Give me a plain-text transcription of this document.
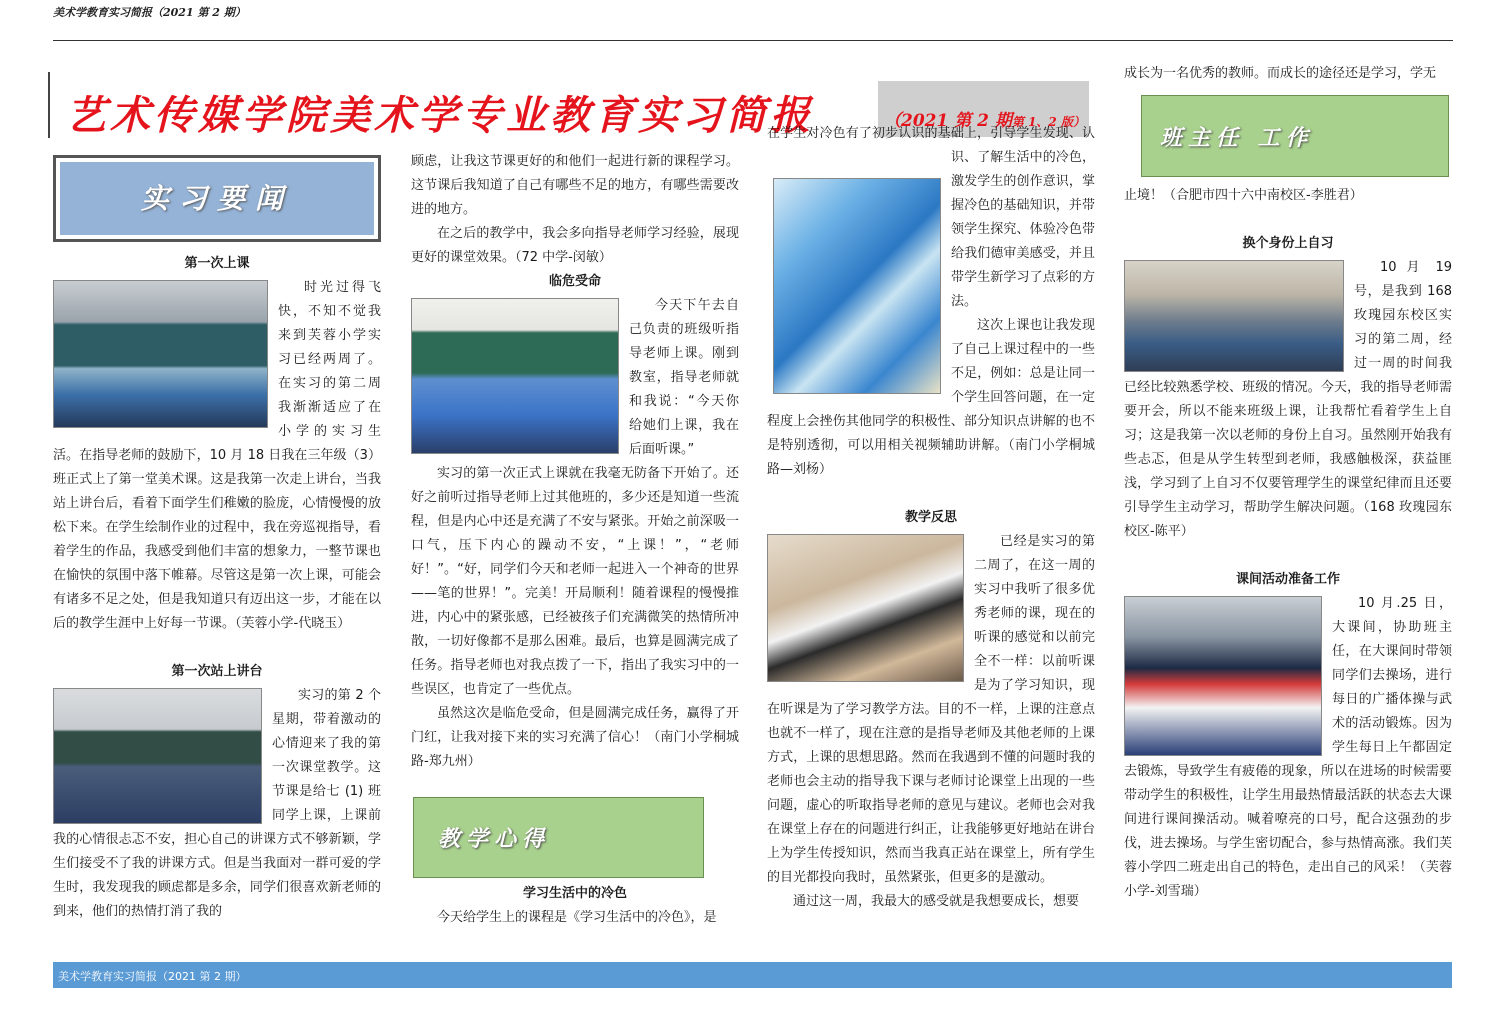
美术学教育实习简报（2021 第 2 期）
艺术传媒学院美术学专业教育实习简报	（2021 第 2 期第 1、2 版）
实习要闻
第一次上课

时光过得飞快，不知不觉我来到芙蓉小学实习已经两周了。在实习的第二周我渐渐适应了在小学的实习生活。在指导老师的鼓励下，10 月 18 日我在三年级（3）班正式上了第一堂美术课。这是我第一次走上讲台，当我站上讲台后，看着下面学生们稚嫩的脸庞，心情慢慢的放松下来。在学生绘制作业的过程中，我在旁巡视指导，看着学生的作品，我感受到他们丰富的想象力，一整节课也在愉快的氛围中落下帷幕。尽管这是第一次上课，可能会有诸多不足之处，但是我知道只有迈出这一步，才能在以后的教学生涯中上好每一节课。（芙蓉小学-代晓玉）

第一次站上讲台

实习的第 2 个星期，带着激动的心情迎来了我的第一次课堂教学。这节课是给七 (1) 班同学上课，上课前我的心情很忐忑不安，担心自己的讲课方式不够新颖，学生们接受不了我的讲课方式。但是当我面对一群可爱的学生时，我发现我的顾虑都是多余，同学们很喜欢新老师的到来，他们的热情打消了我的

顾虑，让我这节课更好的和他们一起进行新的课程学习。这节课后我知道了自己有哪些不足的地方，有哪些需要改进的地方。

在之后的教学中，我会多向指导老师学习经验，展现更好的课堂效果。（72 中学-闵敏）

临危受命

今天下午去自己负责的班级听指导老师上课。刚到教室，指导老师就和我说：“今天你给她们上课，我在后面听课。”

实习的第一次正式上课就在我毫无防备下开始了。还好之前听过指导老师上过其他班的，多少还是知道一些流程，但是内心中还是充满了不安与紧张。开始之前深吸一口气，压下内心的躁动不安，“上课！”，“老师好！”。“好，同学们今天和老师一起进入一个神奇的世界——笔的世界！”。完美！开局顺利！随着课程的慢慢推进，内心中的紧张感，已经被孩子们充满微笑的热情所冲散，一切好像都不是那么困难。最后，也算是圆满完成了任务。指导老师也对我点拨了一下，指出了我实习中的一些误区，也肯定了一些优点。

虽然这次是临危受命，但是圆满完成任务，赢得了开门红，让我对接下来的实习充满了信心！（南门小学桐城路-郑九州）

学习生活中的冷色

今天给学生上的课程是《学习生活中的冷色》，是

教学心得

在学生对冷色有了初步认识的基础上，引导学生发现、认识、了解生活中的冷色，激发学生的创作意识，掌握冷色的基础知识，并带领学生探究、体验冷色带给我们德审美感受，并且带学生新学习了点彩的方法。

这次上课也让我发现了自己上课过程中的一些不足，例如：总是让同一个学生回答问题，在一定程度上会挫伤其他同学的积极性、部分知识点讲解的也不是特别透彻，可以用相关视频辅助讲解。（南门小学桐城路—刘杨）

教学反思

已经是实习的第二周了，在这一周的实习中我听了很多优秀老师的课，现在的听课的感觉和以前完全不一样：以前听课是为了学习知识，现在听课是为了学习教学方法。目的不一样，上课的注意点也就不一样了，现在注意的是指导老师及其他老师的上课方式，上课的思想思路。然而在我遇到不懂的问题时我的老师也会主动的指导我下课与老师讨论课堂上出现的一些问题，虚心的听取指导老师的意见与建议。老师也会对我在课堂上存在的问题进行纠正，让我能够更好地站在讲台上为学生传授知识，然而当我真正站在课堂上，所有学生的目光都投向我时，虽然紧张，但更多的是激动。

通过这一周，我最大的感受就是我想要成长，想要

成长为一名优秀的教师。而成长的途径还是学习，学无

止境！（合肥市四十六中南校区-李胜君）

换个身份上自习

10 月 19 号，是我到 168 玫瑰园东校区实习的第二周，经过一周的时间我已经比较熟悉学校、班级的情况。今天，我的指导老师需要开会，所以不能来班级上课，让我帮忙看着学生上自习；这是我第一次以老师的身份上自习。虽然刚开始我有些忐忑，但是从学生转型到老师，我感触极深，获益匪浅，学习到了上自习不仅要管理学生的课堂纪律而且还要引导学生主动学习，帮助学生解决问题。（168 玫瑰园东校区-陈平）

课间活动准备工作

10 月.25 日，大课间，协助班主任，在大课间时带领同学们去操场，进行每日的广播体操与武术的活动锻炼。因为学生每日上午都固定去锻炼，导致学生有疲倦的现象，所以在进场的时候需要带动学生的积极性，让学生用最热情最活跃的状态去大课间进行课间操活动。喊着嘹亮的口号，配合这强劲的步伐，进去操场。与学生密切配合，参与热情高涨。我们芙蓉小学四二班走出自己的特色，走出自己的风采！（芙蓉小学-刘雪瑞）

班主任 工作
美术学教育实习简报（2021 第 2 期）
